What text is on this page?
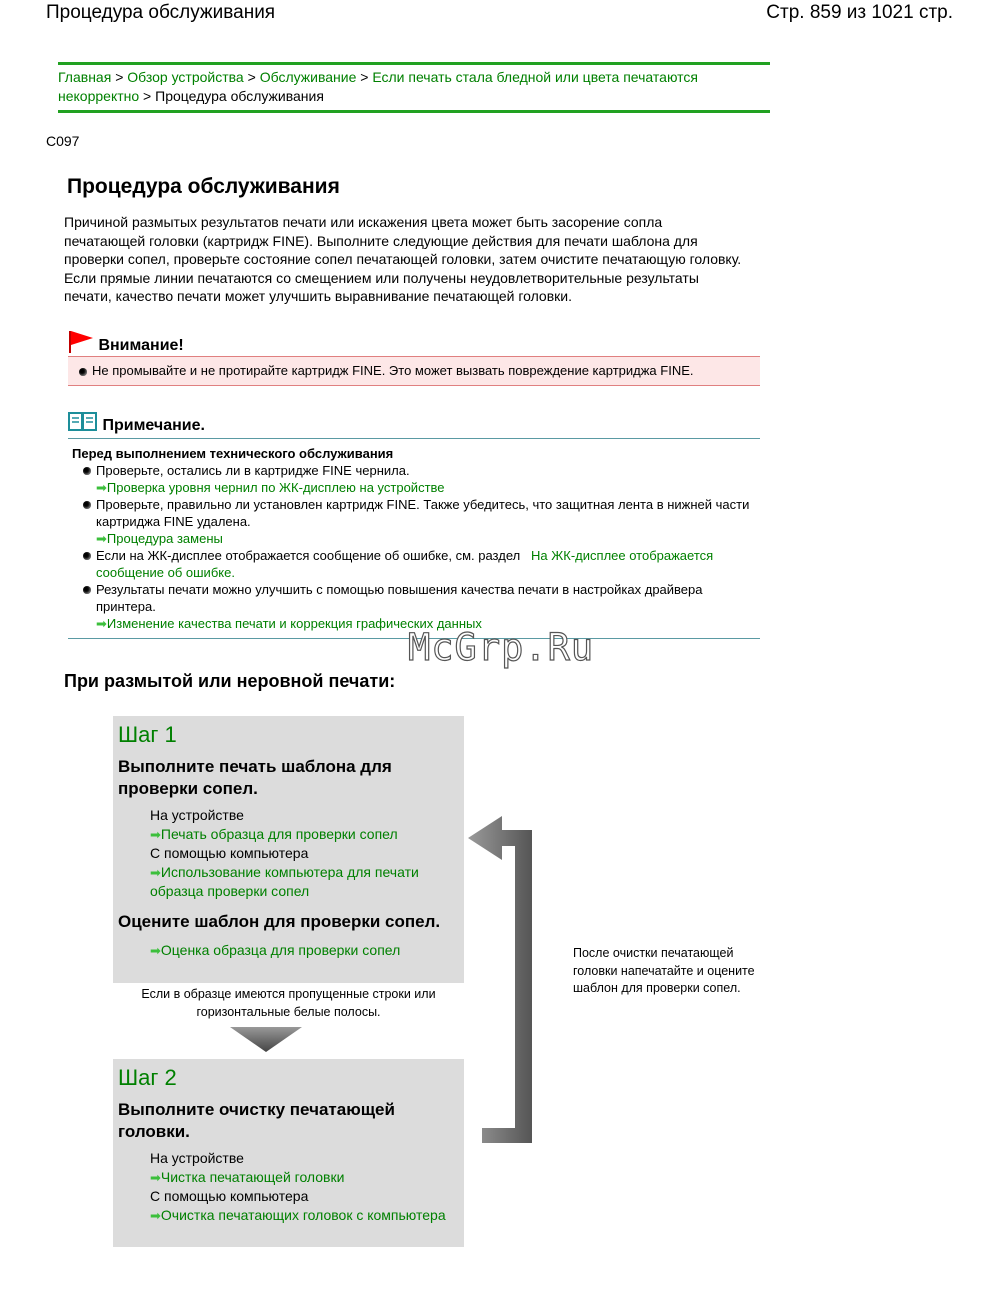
Процедура обслуживания	Стр. 859 из 1021 стр.
Главная > Обзор устройства > Обслуживание > Если печать стала бледной или цвета печатаются некорректно > Процедура обслуживания
C097
Процедура обслуживания
Причиной размытых результатов печати или искажения цвета может быть засорение сопла печатающей головки (картридж FINE). Выполните следующие действия для печати шаблона для проверки сопел, проверьте состояние сопел печатающей головки, затем очистите печатающую головку.
Если прямые линии печатаются со смещением или получены неудовлетворительные результаты печати, качество печати может улучшить выравнивание печатающей головки.
Внимание!
Не промывайте и не протирайте картридж FINE. Это может вызвать повреждение картриджа FINE.
Примечание.
Перед выполнением технического обслуживания
Проверьте, остались ли в картридже FINE чернила.
➡Проверка уровня чернил по ЖК-дисплею на устройстве
Проверьте, правильно ли установлен картридж FINE. Также убедитесь, что защитная лента в нижней части картриджа FINE удалена.
➡Процедура замены
Если на ЖК-дисплее отображается сообщение об ошибке, см. раздел На ЖК-дисплее отображается сообщение об ошибке.
Результаты печати можно улучшить с помощью повышения качества печати в настройках драйвера принтера.
➡Изменение качества печати и коррекция графических данных
McGrp.Ru
При размытой или неровной печати:
Шаг 1
Выполните печать шаблона для проверки сопел.
На устройстве
➡Печать образца для проверки сопел
С помощью компьютера
➡Использование компьютера для печати образца проверки сопел
Оцените шаблон для проверки сопел.
➡Оценка образца для проверки сопел
Если в образце имеются пропущенные строки или горизонтальные белые полосы.
После очистки печатающей головки напечатайте и оцените шаблон для проверки сопел.
Шаг 2
Выполните очистку печатающей головки.
На устройстве
➡Чистка печатающей головки
С помощью компьютера
➡Очистка печатающих головок с компьютера
